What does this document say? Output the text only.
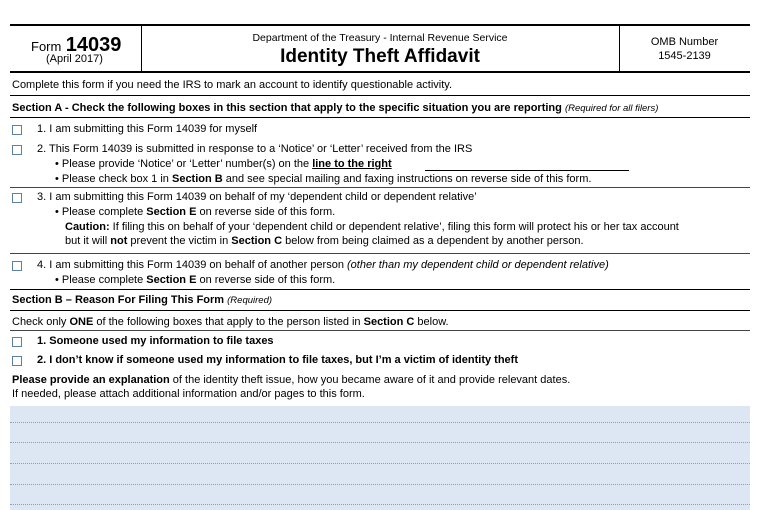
Form 14039
(April 2017)
Department of the Treasury - Internal Revenue Service
Identity Theft Affidavit
OMB Number
1545-2139
Complete this form if you need the IRS to mark an account to identify questionable activity.
Section A - Check the following boxes in this section that apply to the specific situation you are reporting (Required for all filers)
1. I am submitting this Form 14039 for myself
2. This Form 14039 is submitted in response to a ‘Notice’ or ‘Letter’ received from the IRS
• Please provide ‘Notice’ or ‘Letter’ number(s) on the line to the right
• Please check box 1 in Section B and see special mailing and faxing instructions on reverse side of this form.
3. I am submitting this Form 14039 on behalf of my ‘dependent child or dependent relative’
• Please complete Section E on reverse side of this form.
Caution: If filing this on behalf of your ‘dependent child or dependent relative’, filing this form will protect his or her tax account
but it will not prevent the victim in Section C below from being claimed as a dependent by another person.
4. I am submitting this Form 14039 on behalf of another person (other than my dependent child or dependent relative)
• Please complete Section E on reverse side of this form.
Section B – Reason For Filing This Form (Required)
Check only ONE of the following boxes that apply to the person listed in Section C below.
1. Someone used my information to file taxes
2. I don’t know if someone used my information to file taxes, but I’m a victim of identity theft
Please provide an explanation of the identity theft issue, how you became aware of it and provide relevant dates.
If needed, please attach additional information and/or pages to this form.
